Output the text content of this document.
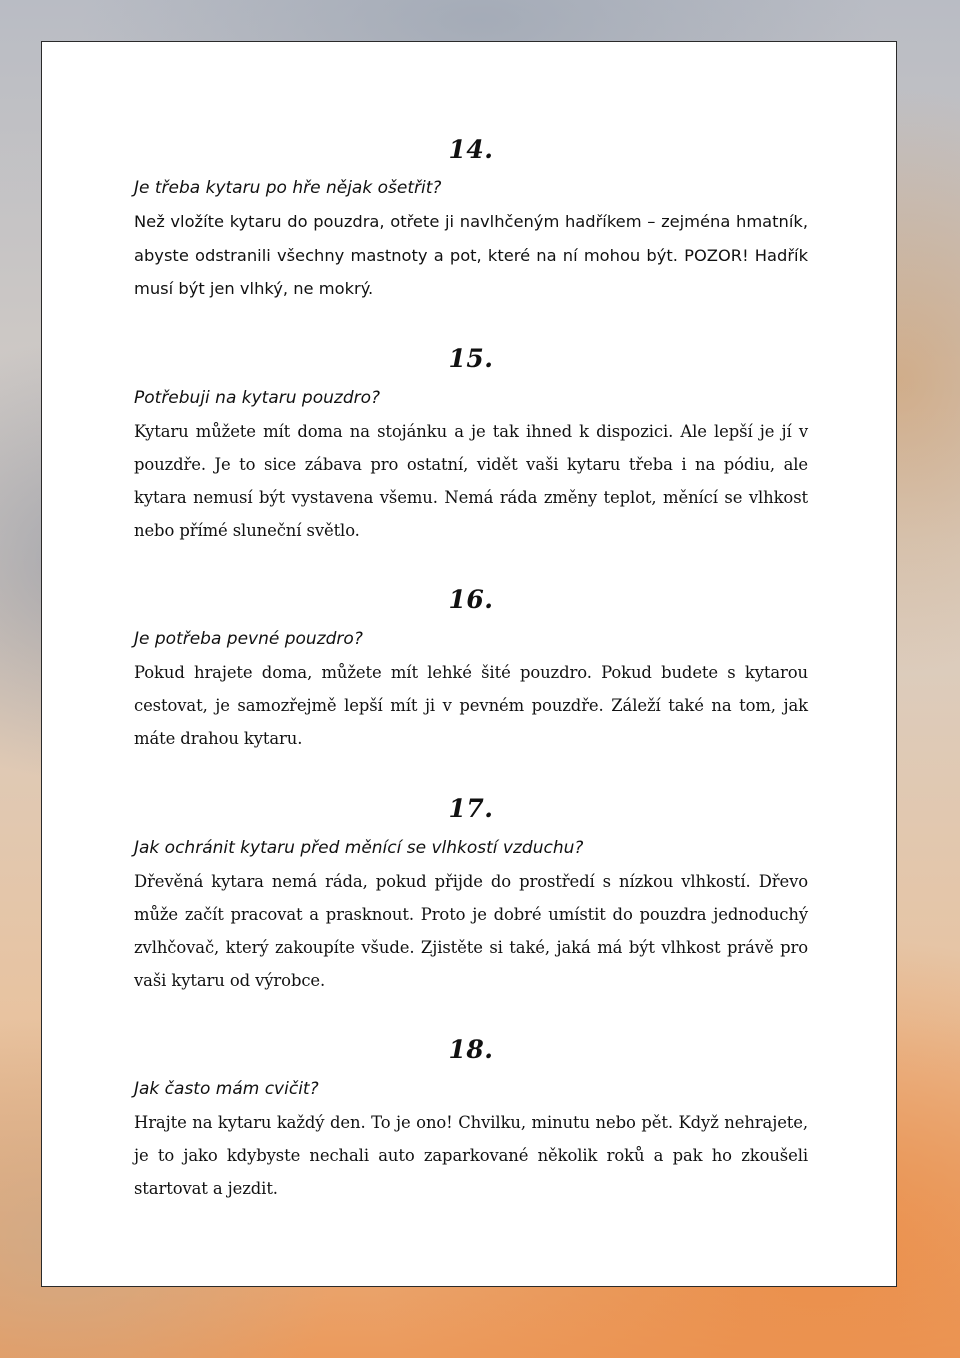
14.
Je třeba kytaru po hře nějak ošetřit?
Než vložíte kytaru do pouzdra, otřete ji navlhčeným hadříkem – zejména hmatník, abyste odstranili všechny mastnoty a pot, které na ní mohou být. POZOR! Hadřík musí být jen vlhký, ne mokrý.
15.
Potřebuji na kytaru pouzdro?
Kytaru můžete mít doma na stojánku a je tak ihned k dispozici. Ale lepší je jí v pouzdře. Je to sice zábava pro ostatní, vidět vaši kytaru třeba i na pódiu, ale kytara nemusí být vystavena všemu. Nemá ráda změny teplot, měnící se vlhkost nebo přímé sluneční světlo.
16.
Je potřeba pevné pouzdro?
Pokud hrajete doma, můžete mít lehké šité pouzdro. Pokud budete s kytarou cestovat, je samozřejmě lepší mít ji v pevném pouzdře. Záleží také na tom, jak máte drahou kytaru.
17.
Jak ochránit kytaru před měnící se vlhkostí vzduchu?
Dřevěná kytara nemá ráda, pokud přijde do prostředí s nízkou vlhkostí. Dřevo může začít pracovat a prasknout. Proto je dobré umístit do pouzdra jednoduchý zvlhčovač, který zakoupíte všude. Zjistěte si také, jaká má být vlhkost právě pro vaši kytaru od výrobce.
18.
Jak často mám cvičit?
Hrajte na kytaru každý den. To je ono! Chvilku, minutu nebo pět. Když nehrajete, je to jako kdybyste nechali auto zaparkované několik roků a pak ho zkoušeli startovat a jezdit.
